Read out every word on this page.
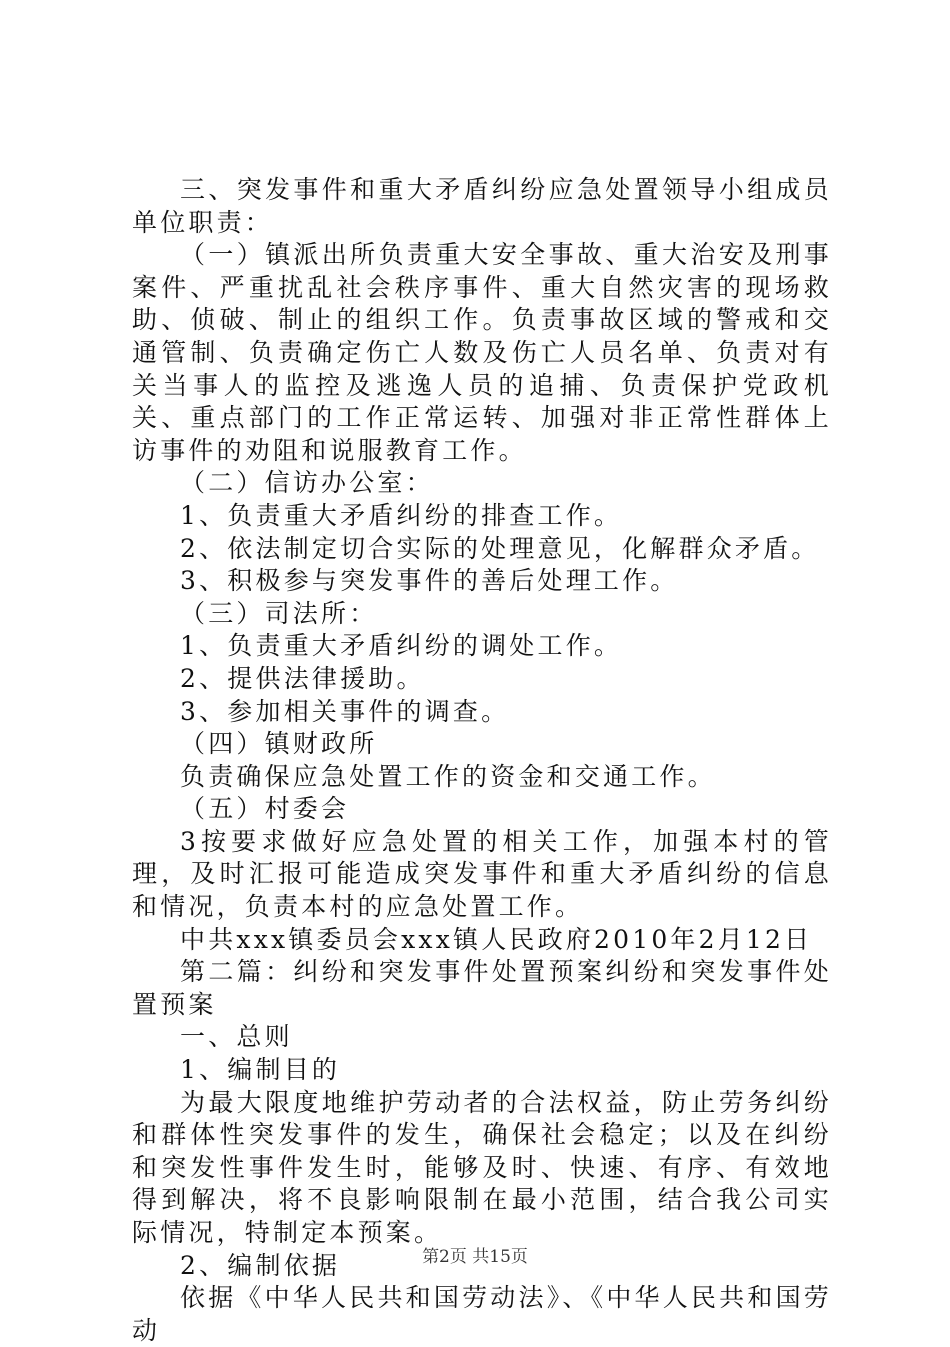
三、突发事件和重大矛盾纠纷应急处置领导小组成员单位职责：

（一）镇派出所负责重大安全事故、重大治安及刑事案件、严重扰乱社会秩序事件、重大自然灾害的现场救助、侦破、制止的组织工作。负责事故区域的警戒和交通管制、负责确定伤亡人数及伤亡人员名单、负责对有关当事人的监控及逃逸人员的追捕、负责保护党政机关、重点部门的工作正常运转、加强对非正常性群体上访事件的劝阻和说服教育工作。

（二）信访办公室：

1、负责重大矛盾纠纷的排查工作。

2、依法制定切合实际的处理意见，化解群众矛盾。

3、积极参与突发事件的善后处理工作。

（三）司法所：

1、负责重大矛盾纠纷的调处工作。

2、提供法律援助。

3、参加相关事件的调查。

（四）镇财政所

负责确保应急处置工作的资金和交通工作。

（五）村委会

3按要求做好应急处置的相关工作，加强本村的管理，及时汇报可能造成突发事件和重大矛盾纠纷的信息和情况，负责本村的应急处置工作。

中共xxx镇委员会xxx镇人民政府2010年2月12日

第二篇：纠纷和突发事件处置预案纠纷和突发事件处置预案

一、总则

1、编制目的

为最大限度地维护劳动者的合法权益，防止劳务纠纷和群体性突发事件的发生，确保社会稳定；以及在纠纷和突发性事件发生时，能够及时、快速、有序、有效地得到解决，将不良影响限制在最小范围，结合我公司实际情况，特制定本预案。

2、编制依据

依据《中华人民共和国劳动法》、《中华人民共和国劳动

第2页 共15页
